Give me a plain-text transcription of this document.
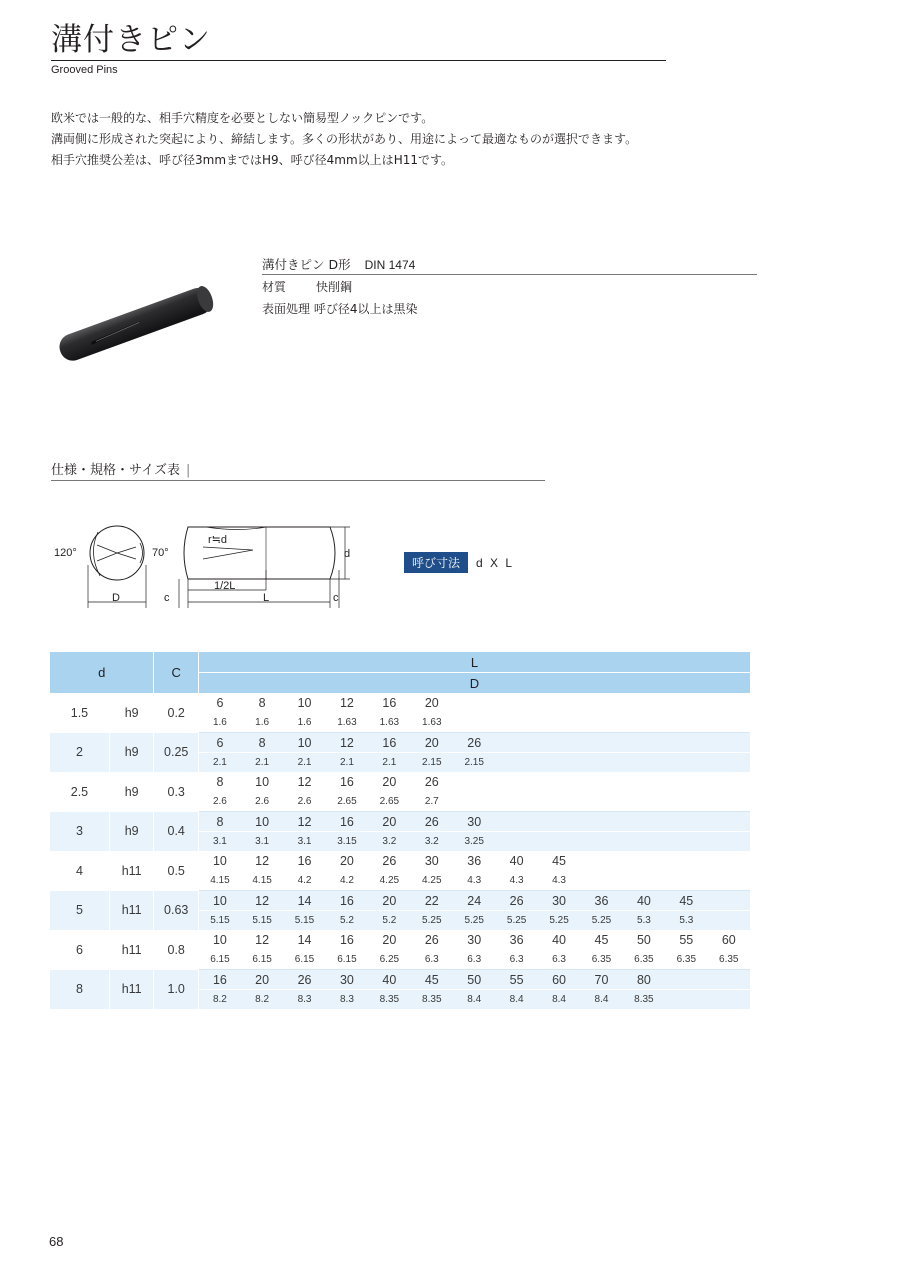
溝付きピン
Grooved Pins
欧米では一般的な、相手穴精度を必要としない簡易型ノックピンです。
溝両側に形成された突起により、締結します。多くの形状があり、用途によって最適なものが選択できます。
相手穴推奨公差は、呼び径3mmまではH9、呼び径4mm以上はH11です。
溝付きピン D形 DIN 1474
材質 快削鋼
表面処理 呼び径4以上は黒染
仕様・規格・サイズ表 |
120°	70°
D
r≒d
d
1/2L
L
c	c
呼び寸法 d X L
d		C	L												
			D												
1.5	h9	0.2	6	8	10	12	16	20							
			1.6	1.6	1.6	1.63	1.63	1.63							
2	h9	0.25	6	8	10	12	16	20	26						
			2.1	2.1	2.1	2.1	2.1	2.15	2.15						
2.5	h9	0.3	8	10	12	16	20	26							
			2.6	2.6	2.6	2.65	2.65	2.7							
3	h9	0.4	8	10	12	16	20	26	30						
			3.1	3.1	3.1	3.15	3.2	3.2	3.25						
4	h11	0.5	10	12	16	20	26	30	36	40	45				
			4.15	4.15	4.2	4.2	4.25	4.25	4.3	4.3	4.3				
5	h11	0.63	10	12	14	16	20	22	24	26	30	36	40	45	
			5.15	5.15	5.15	5.2	5.2	5.25	5.25	5.25	5.25	5.25	5.3	5.3	
6	h11	0.8	10	12	14	16	20	26	30	36	40	45	50	55	60
			6.15	6.15	6.15	6.15	6.25	6.3	6.3	6.3	6.3	6.35	6.35	6.35	6.35
8	h11	1.0	16	20	26	30	40	45	50	55	60	70	80		
			8.2	8.2	8.3	8.3	8.35	8.35	8.4	8.4	8.4	8.4	8.35		
68
